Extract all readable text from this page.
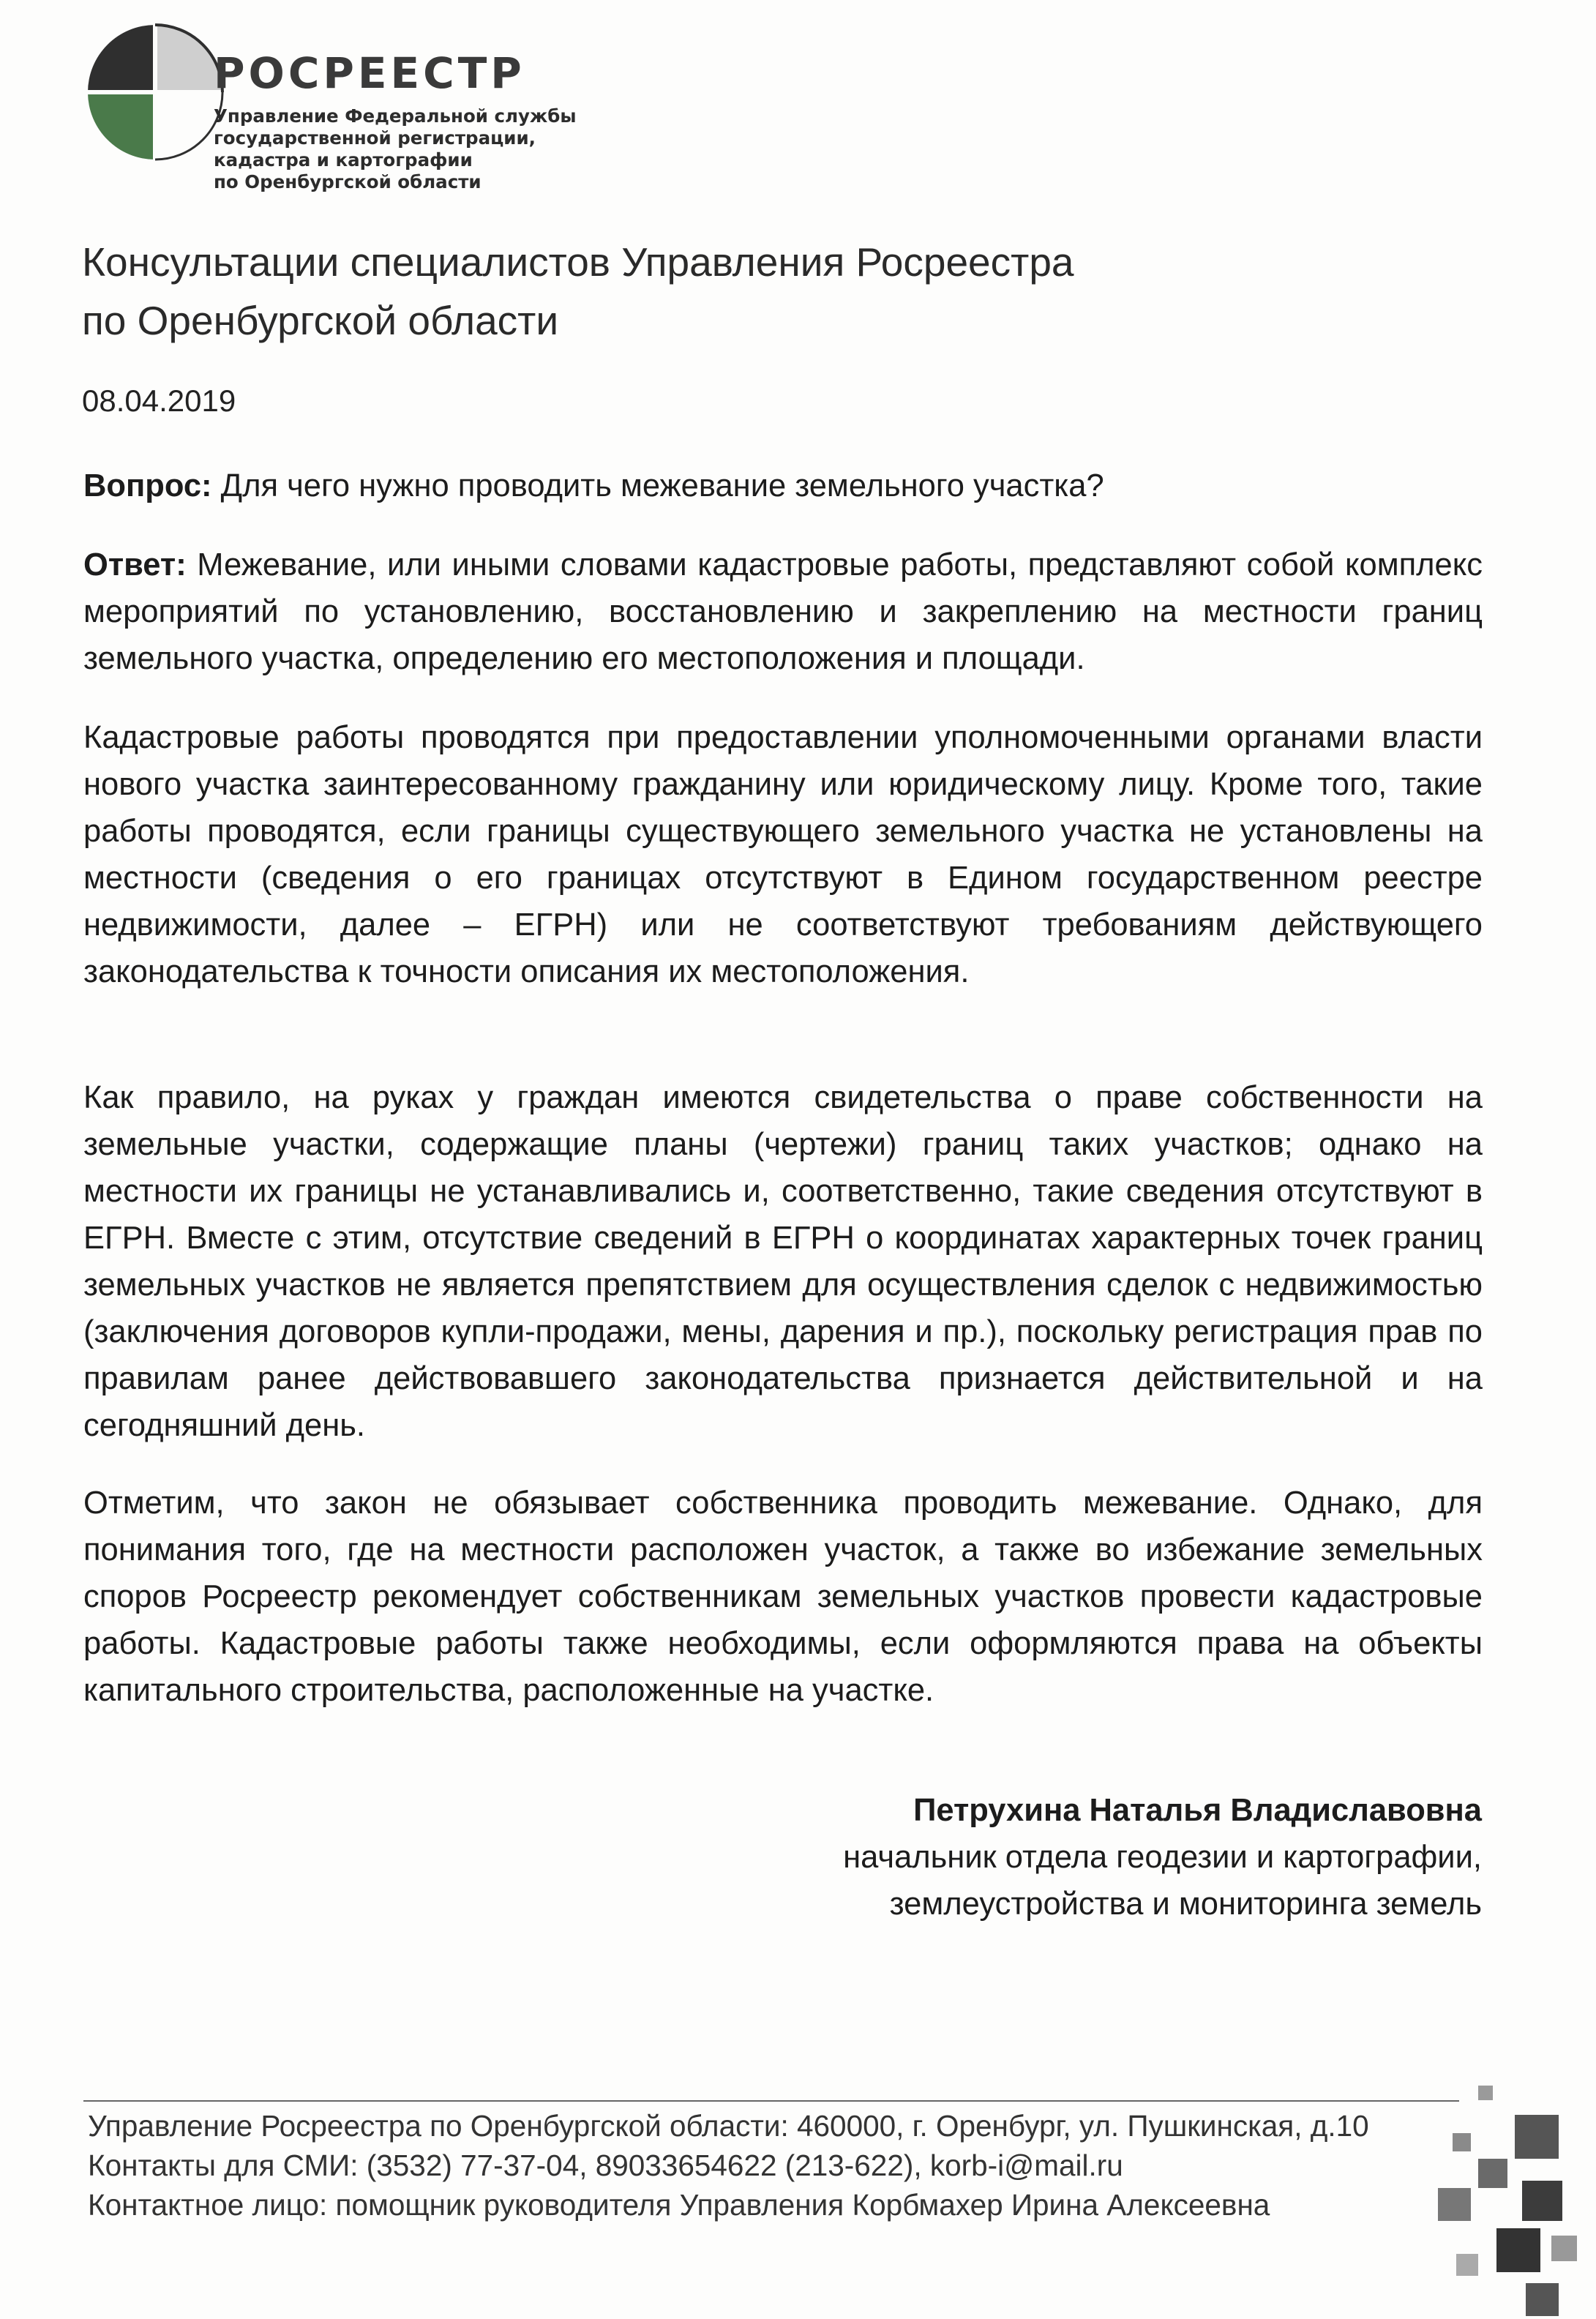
РОСРЕЕСТР
Управление Федеральной службы
государственной регистрации,
кадастра и картографии
по Оренбургской области
Консультации специалистов Управления Росреестра
по Оренбургской области
08.04.2019

Вопрос: Для чего нужно проводить межевание земельного участка?

Ответ: Межевание, или иными словами кадастровые работы, представляют собой комплекс мероприятий по установлению, восстановлению и закреплению на местности границ земельного участка, определению его местоположения и площади.

Кадастровые работы проводятся при предоставлении уполномоченными органами власти нового участка заинтересованному гражданину или юридическому лицу. Кроме того, такие работы проводятся, если границы существующего земельного участка не установлены на местности (сведения о его границах отсутствуют в Едином государственном реестре недвижимости, далее – ЕГРН) или не соответствуют требованиям действующего законодательства к точности описания их местоположения.

Как правило, на руках у граждан имеются свидетельства о праве собственности на земельные участки, содержащие планы (чертежи) границ таких участков; однако на местности их границы не устанавливались и, соответственно, такие сведения отсутствуют в ЕГРН. Вместе с этим, отсутствие сведений в ЕГРН о координатах характерных точек границ земельных участков не является препятствием для осуществления сделок с недвижимостью (заключения договоров купли-продажи, мены, дарения и пр.), поскольку регистрация прав по правилам ранее действовавшего законодательства признается действительной и на сегодняшний день.

Отметим, что закон не обязывает собственника проводить межевание. Однако, для понимания того, где на местности расположен участок, а также во избежание земельных споров Росреестр рекомендует собственникам земельных участков провести кадастровые работы. Кадастровые работы также необходимы, если оформляются права на объекты капитального строительства, расположенные на участке.

Петрухина Наталья Владиславовна
начальник отдела геодезии и картографии,
землеустройства и мониторинга земель
Управление Росреестра по Оренбургской области: 460000, г. Оренбург, ул. Пушкинская, д.10
Контакты для СМИ: (3532) 77-37-04, 89033654622 (213-622), korb-i@mail.ru
Контактное лицо: помощник руководителя Управления Корбмахер Ирина Алексеевна
